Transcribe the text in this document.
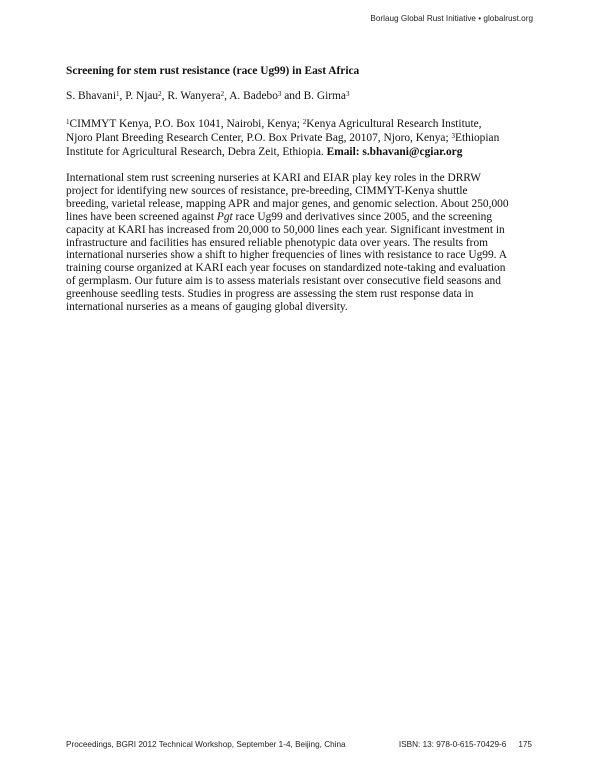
Borlaug Global Rust Initiative • globalrust.org
Screening for stem rust resistance (race Ug99) in East Africa
S. Bhavani$^1$, P. Njau$^2$, R. Wanyera$^2$, A. Badebo$^3$ and B. Girma$^3$
$^1$CIMMYT Kenya, P.O. Box 1041, Nairobi, Kenya; $^2$Kenya Agricultural Research Institute,
Njoro Plant Breeding Research Center, P.O. Box Private Bag, 20107, Njoro, Kenya; $^3$Ethiopian
Institute for Agricultural Research, Debra Zeit, Ethiopia. Email: s.bhavani@cgiar.org
International stem rust screening nurseries at KARI and EIAR play key roles in the DRRW
project for identifying new sources of resistance, pre-breeding, CIMMYT-Kenya shuttle
breeding, varietal release, mapping APR and major genes, and genomic selection. About 250,000
lines have been screened against Pgt race Ug99 and derivatives since 2005, and the screening
capacity at KARI has increased from 20,000 to 50,000 lines each year. Significant investment in
infrastructure and facilities has ensured reliable phenotypic data over years. The results from
international nurseries show a shift to higher frequencies of lines with resistance to race Ug99. A
training course organized at KARI each year focuses on standardized note-taking and evaluation
of germplasm. Our future aim is to assess materials resistant over consecutive field seasons and
greenhouse seedling tests. Studies in progress are assessing the stem rust response data in
international nurseries as a means of gauging global diversity.
Proceedings, BGRI 2012 Technical Workshop, September 1-4, Beijing, China	ISBN: 13: 978-0-615-70429-6 175
